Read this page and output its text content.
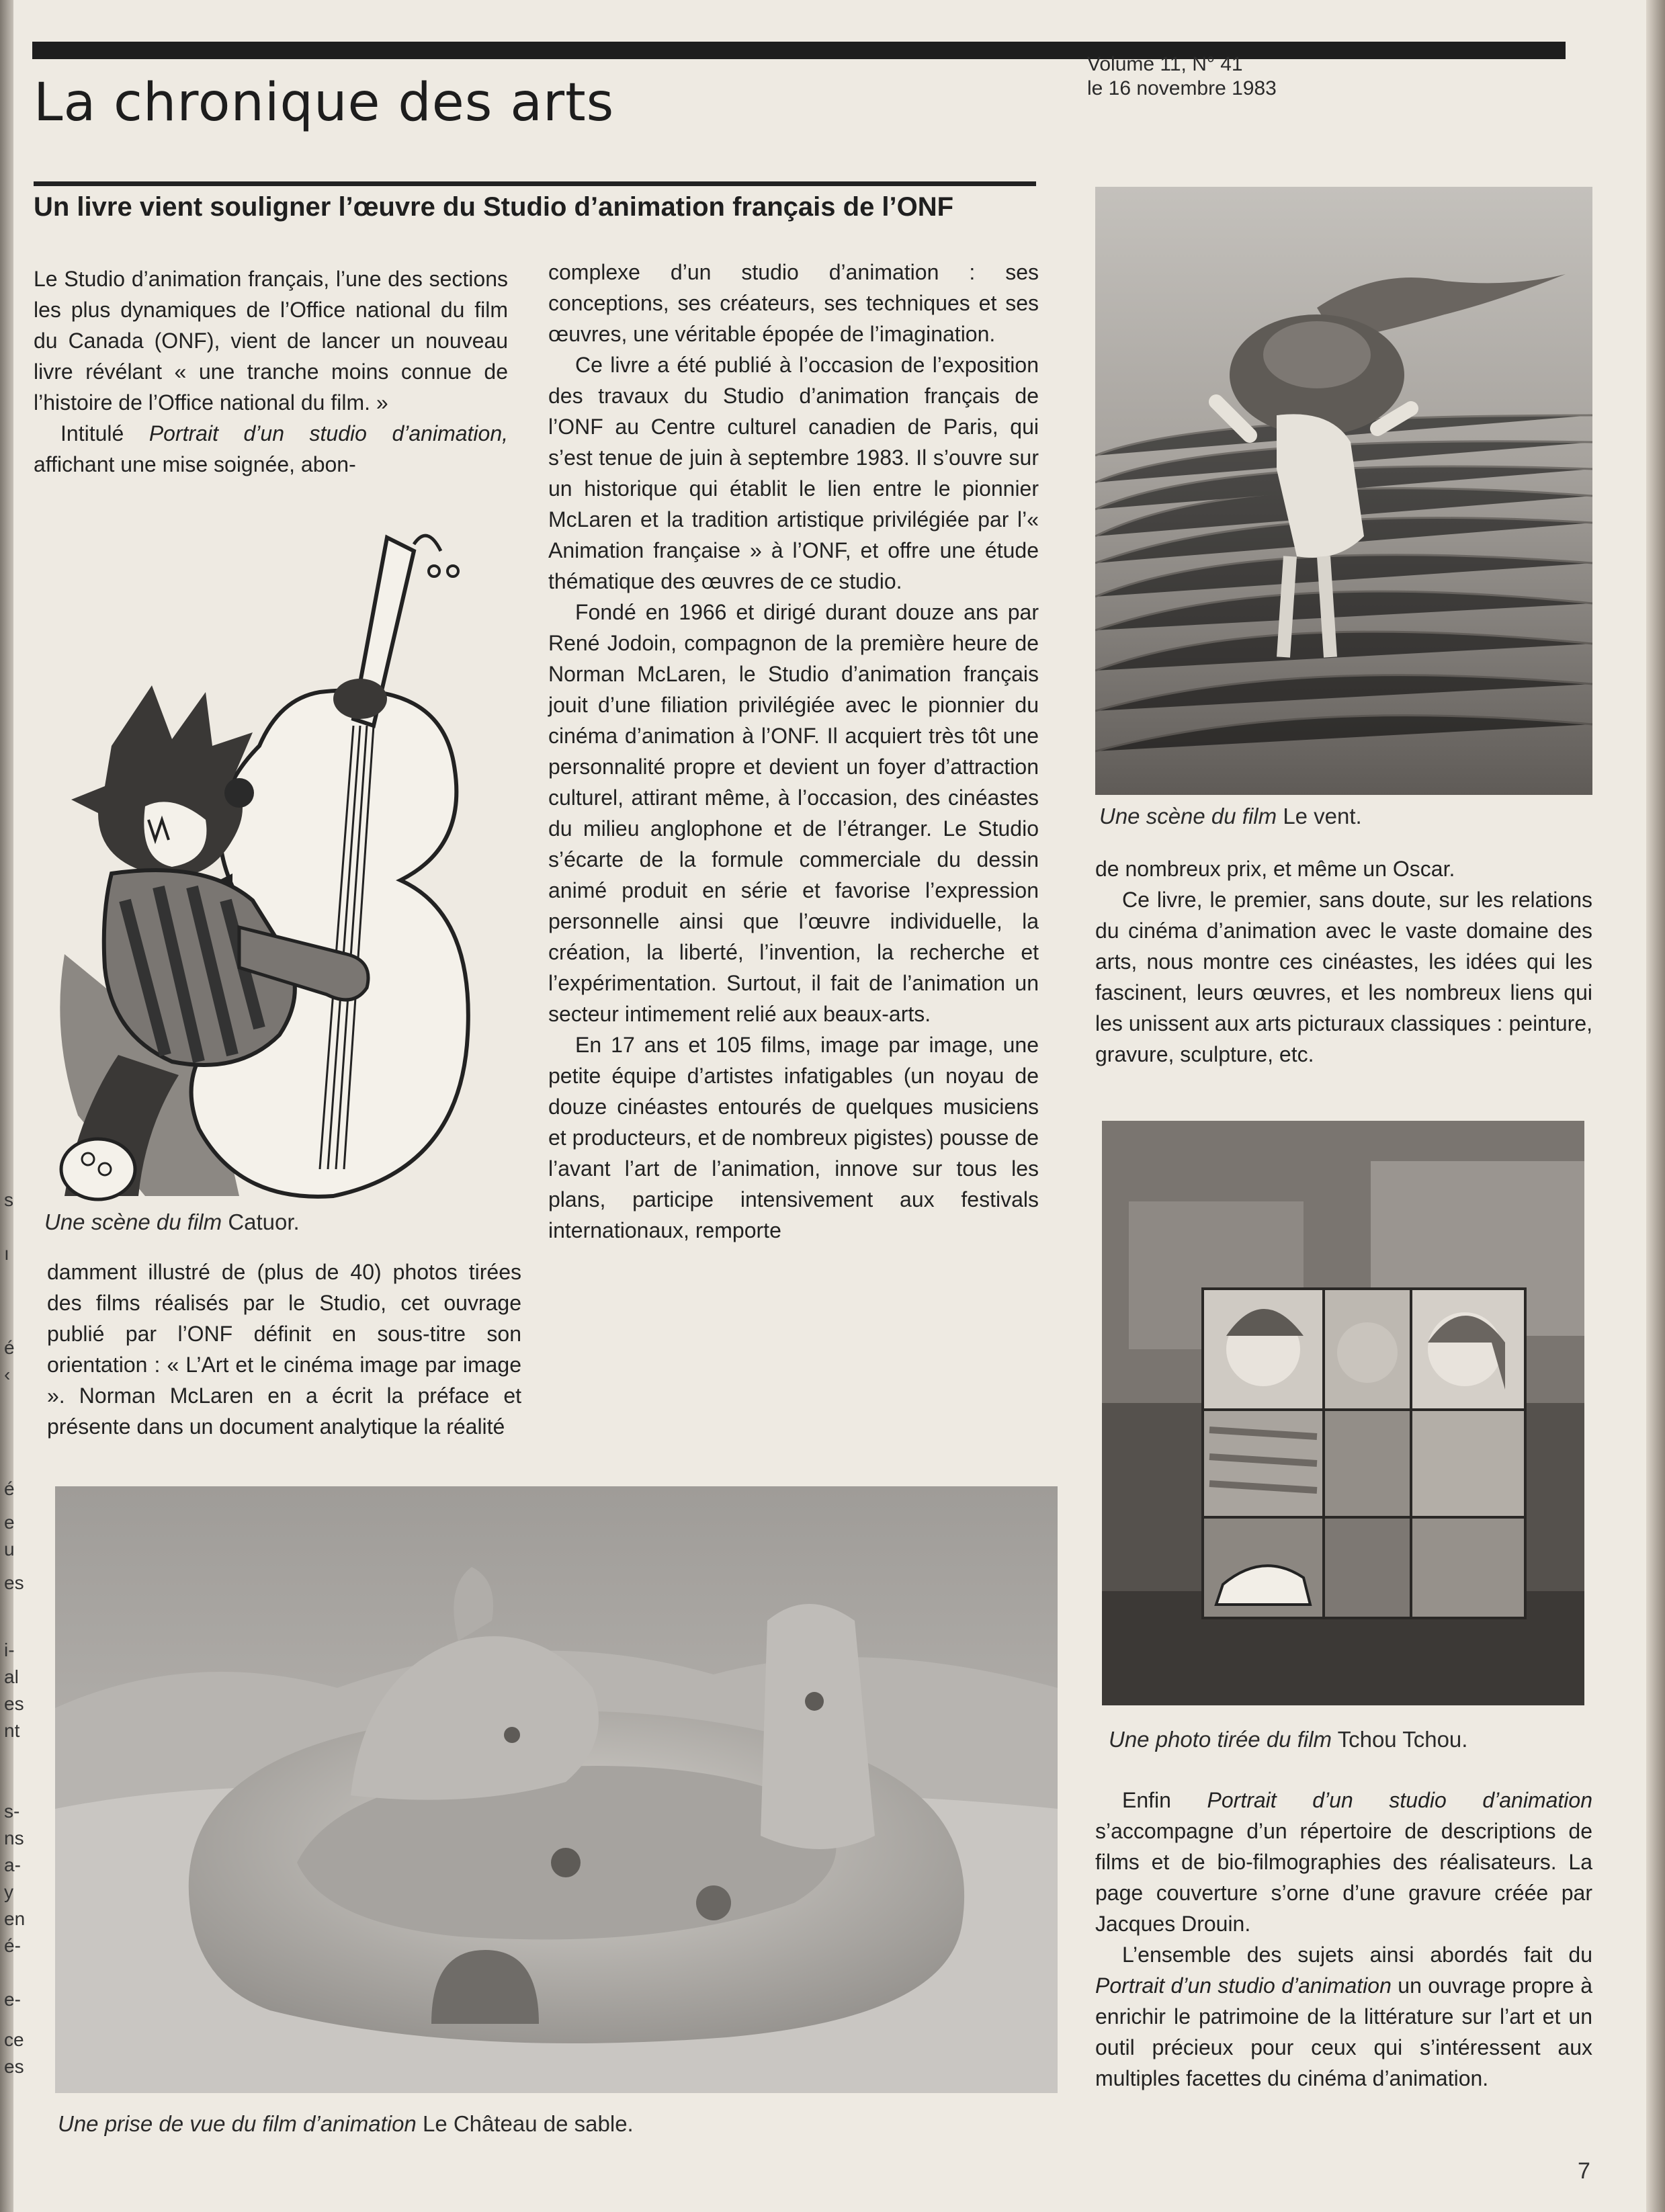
s
ı
é
‹
é
e
u
es
i-
al
es
nt
s-
ns
a-
y
en
é-
e-
ce
es
La chronique des arts
Volume 11, N° 41
le 16 novembre 1983
Un livre vient souligner l’œuvre du Studio d’animation français de l’ONF

Le Studio d’animation français, l’une des sections les plus dynamiques de l’Office national du film du Canada (ONF), vient de lancer un nouveau livre révélant « une tranche moins connue de l’histoire de l’Office national du film. »

Intitulé Portrait d’un studio d’animation, affichant une mise soignée, abon-

Une scène du film Catuor.

damment illustré de (plus de 40) photos tirées des films réalisés par le Studio, cet ouvrage publié par l’ONF définit en sous-titre son orientation : « L’Art et le cinéma image par image ». Norman McLaren en a écrit la préface et présente dans un document analytique la réalité

complexe d’un studio d’animation : ses conceptions, ses créateurs, ses techniques et ses œuvres, une véritable épopée de l’imagination.

Ce livre a été publié à l’occasion de l’exposition des travaux du Studio d’animation français de l’ONF au Centre culturel canadien de Paris, qui s’est tenue de juin à septembre 1983. Il s’ouvre sur un historique qui établit le lien entre le pionnier McLaren et la tradition artistique privilégiée par l’« Animation française » à l’ONF, et offre une étude thématique des œuvres de ce studio.

Fondé en 1966 et dirigé durant douze ans par René Jodoin, compagnon de la première heure de Norman McLaren, le Studio d’animation français jouit d’une filiation privilégiée avec le pionnier du cinéma d’animation à l’ONF. Il acquiert très tôt une personnalité propre et devient un foyer d’attraction culturel, attirant même, à l’occasion, des cinéastes du milieu anglophone et de l’étranger. Le Studio s’écarte de la formule commerciale du dessin animé produit en série et favorise l’expression personnelle ainsi que l’œuvre individuelle, la création, la liberté, l’invention, la recherche et l’expérimentation. Surtout, il fait de l’animation un secteur intimement relié aux beaux-arts.

En 17 ans et 105 films, image par image, une petite équipe d’artistes infatigables (un noyau de douze cinéastes entourés de quelques musiciens et producteurs, et de nombreux pigistes) pousse de l’avant l’art de l’animation, innove sur tous les plans, participe intensivement aux festivals internationaux, remporte

Une scène du film Le vent.

de nombreux prix, et même un Oscar.

Ce livre, le premier, sans doute, sur les relations du cinéma d’animation avec le vaste domaine des arts, nous montre ces cinéastes, les idées qui les fascinent, leurs œuvres, et les nombreux liens qui les unissent aux arts picturaux classiques : peinture, gravure, sculpture, etc.

Une photo tirée du film Tchou Tchou.

Enfin Portrait d’un studio d’animation s’accompagne d’un répertoire de descriptions de films et de bio-filmographies des réalisateurs. La page couverture s’orne d’une gravure créée par Jacques Drouin.

L’ensemble des sujets ainsi abordés fait du Portrait d’un studio d’animation un ouvrage propre à enrichir le patrimoine de la littérature sur l’art et un outil précieux pour ceux qui s’intéressent aux multiples facettes du cinéma d’animation.

Une prise de vue du film d’animation Le Château de sable.
7
